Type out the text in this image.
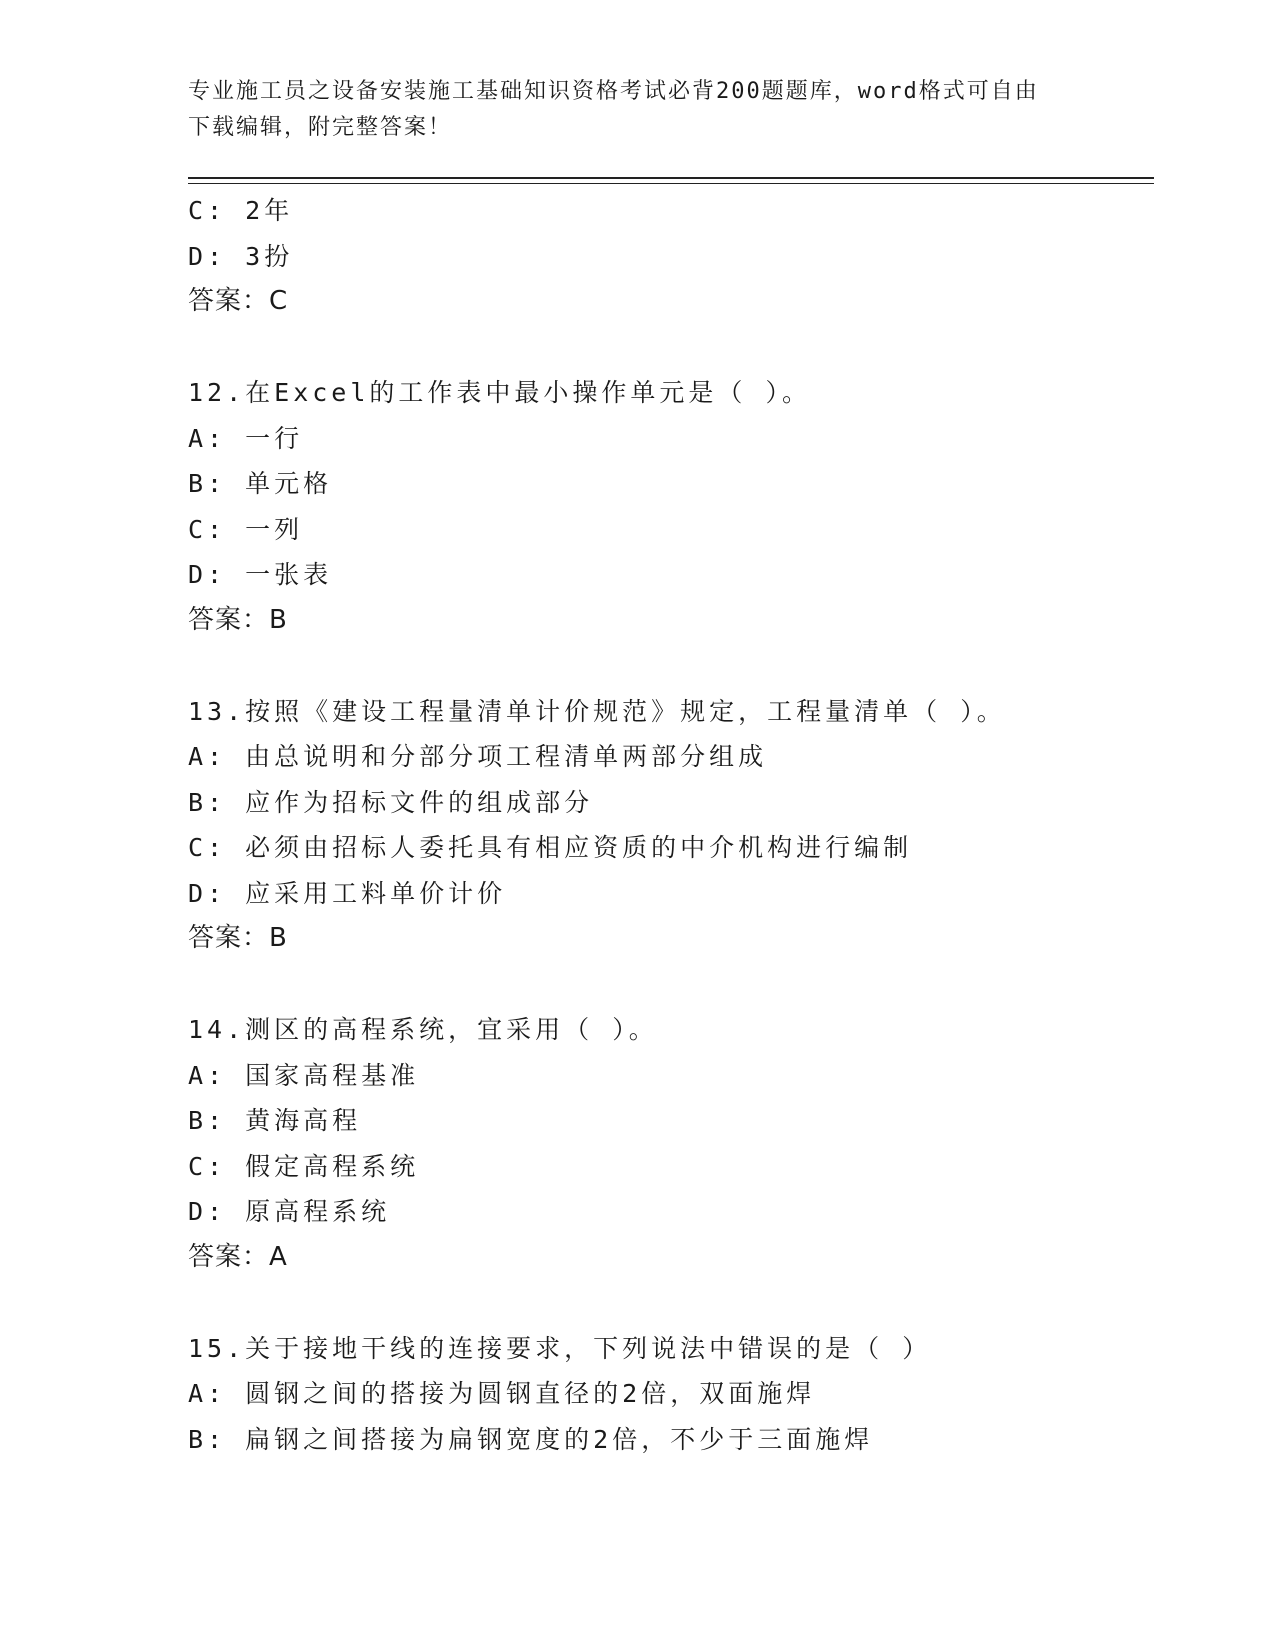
专业施工员之设备安装施工基础知识资格考试必背200题题库，word格式可自由
下载编辑，附完整答案！
C: 2年
D: 3扮
答案：C
12.在Excel的工作表中最小操作单元是（ ）。
A: 一行
B: 单元格
C: 一列
D: 一张表
答案：B
13.按照《建设工程量清单计价规范》规定，工程量清单（ ）。
A: 由总说明和分部分项工程清单两部分组成
B: 应作为招标文件的组成部分
C: 必须由招标人委托具有相应资质的中介机构进行编制
D: 应采用工料单价计价
答案：B
14.测区的高程系统，宜采用（ ）。
A: 国家高程基准
B: 黄海高程
C: 假定高程系统
D: 原高程系统
答案：A
15.关于接地干线的连接要求，下列说法中错误的是（ ）
A: 圆钢之间的搭接为圆钢直径的2倍，双面施焊
B: 扁钢之间搭接为扁钢宽度的2倍，不少于三面施焊
